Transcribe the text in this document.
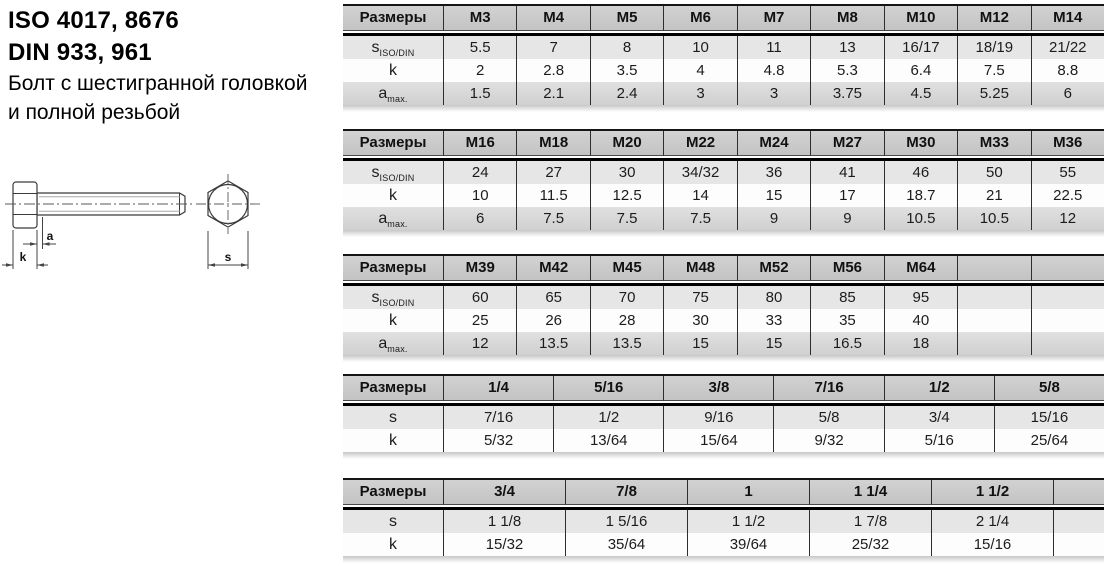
ISO 4017, 8676
DIN 933, 961
Болт с шестигранной головкой
и полной резьбой
a
k	s
Размеры	M3	M4	M5	M6	M7	M8	M10	M12	M14
$s_{ISO/DIN}$	5.5	7	8	10	11	13	16/17	18/19	21/22
k	2	2.8	3.5	4	4.8	5.3	6.4	7.5	8.8
$a_{max.}$	1.5	2.1	2.4	3	3	3.75	4.5	5.25	6
Размеры	M16	M18	M20	M22	M24	M27	M30	M33	M36
$s_{ISO/DIN}$	24	27	30	34/32	36	41	46	50	55
k	10	11.5	12.5	14	15	17	18.7	21	22.5
$a_{max.}$	6	7.5	7.5	7.5	9	9	10.5	10.5	12
Размеры	M39	M42	M45	M48	M52	M56	M64
$s_{ISO/DIN}$	60	65	70	75	80	85	95
k	25	26	28	30	33	35	40
$a_{max.}$	12	13.5	13.5	15	15	16.5	18
Размеры	1/4	5/16	3/8	7/16	1/2	5/8
s	7/16	1/2	9/16	5/8	3/4	15/16
k	5/32	13/64	15/64	9/32	5/16	25/64
Размеры	3/4	7/8	1	1 1/4	1 1/2
s	1 1/8	1 5/16	1 1/2	1 7/8	2 1/4
k	15/32	35/64	39/64	25/32	15/16
